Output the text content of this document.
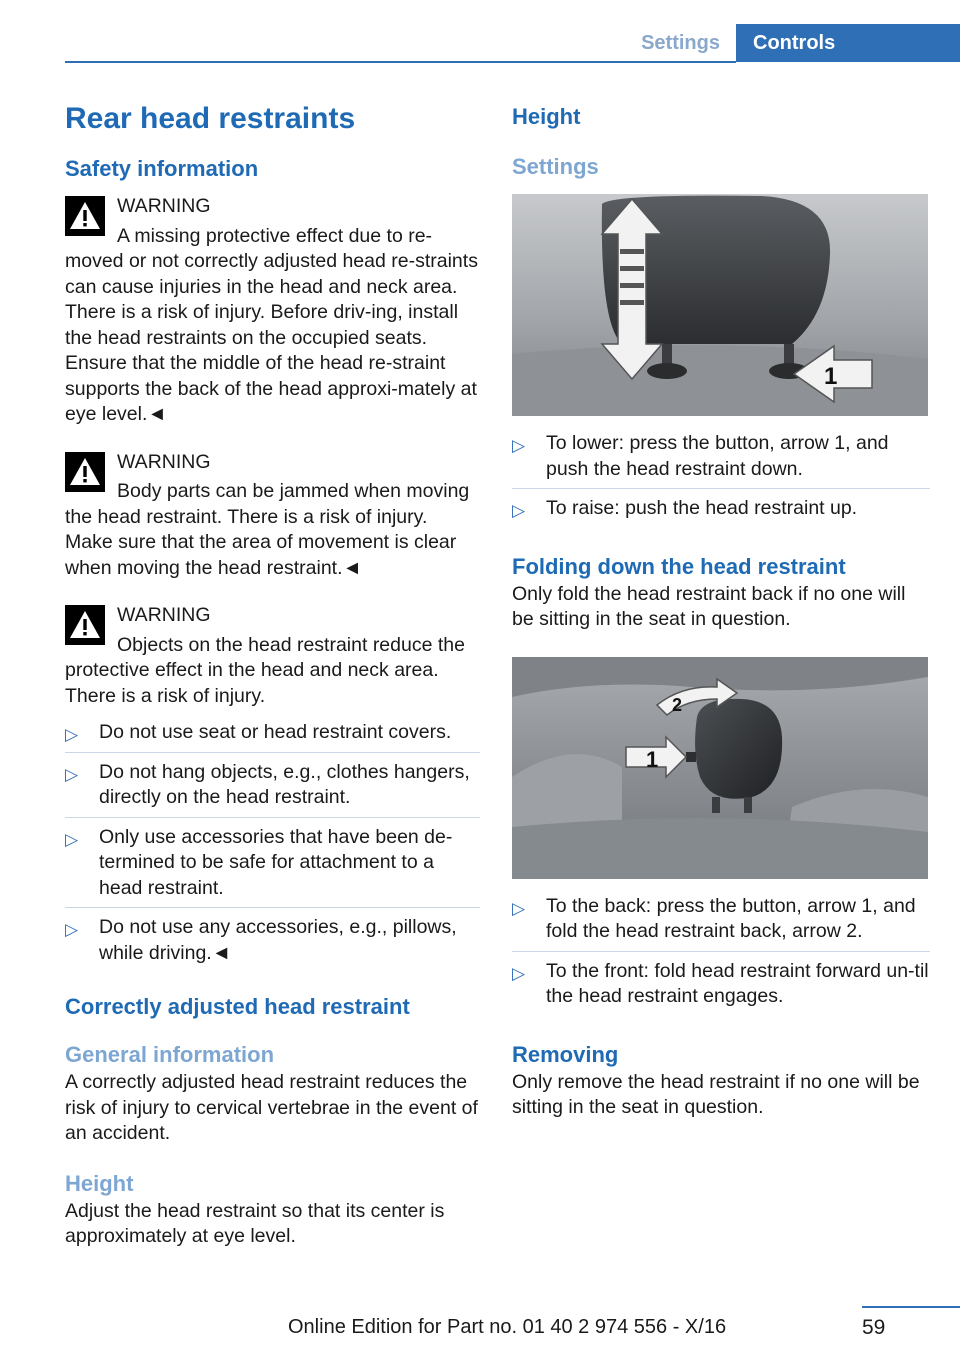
Settings	Controls
Rear head restraints
Safety information
WARNING
A missing protective effect due to re-moved or not correctly adjusted head re-straints can cause injuries in the head and neck area. There is a risk of injury. Before driv-ing, install the head restraints on the occupied seats. Ensure that the middle of the head re-straint supports the back of the head approxi-mately at eye level.◄
WARNING
Body parts can be jammed when moving the head restraint. There is a risk of injury. Make sure that the area of movement is clear when moving the head restraint.◄
WARNING
Objects on the head restraint reduce the protective effect in the head and neck area. There is a risk of injury.
▷ Do not use seat or head restraint covers.
▷ Do not hang objects, e.g., clothes hangers, directly on the head restraint.
▷ Only use accessories that have been de-termined to be safe for attachment to a head restraint.
▷ Do not use any accessories, e.g., pillows, while driving.◄
Correctly adjusted head restraint
General information

A correctly adjusted head restraint reduces the risk of injury to cervical vertebrae in the event of an accident.

Height

Adjust the head restraint so that its center is approximately at eye level.

Height
Settings
1
▷ To lower: press the button, arrow 1, and push the head restraint down.
▷ To raise: push the head restraint up.
Folding down the head restraint

Only fold the head restraint back if no one will be sitting in the seat in question.

1
2
▷ To the back: press the button, arrow 1, and fold the head restraint back, arrow 2.
▷ To the front: fold head restraint forward un-til the head restraint engages.
Removing

Only remove the head restraint if no one will be sitting in the seat in question.

59
Online Edition for Part no. 01 40 2 974 556 - X/16
